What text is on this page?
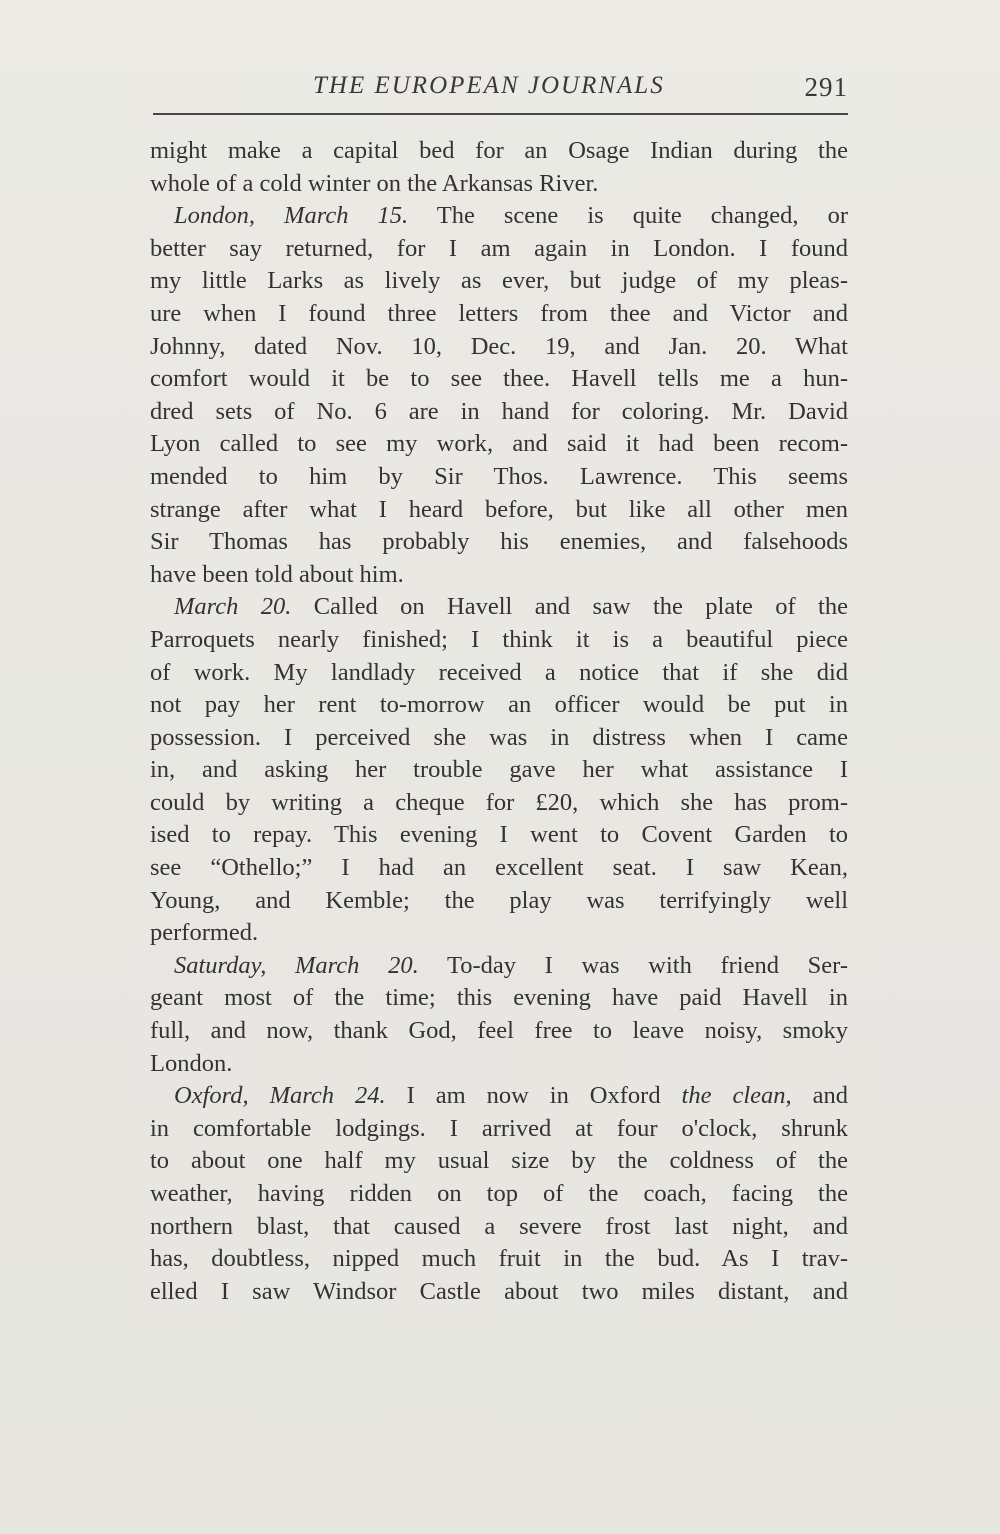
THE EUROPEAN JOURNALS	291
might make a capital bed for an Osage Indian during the
whole of a cold winter on the Arkansas River.
London, March 15. The scene is quite changed, or
better say returned, for I am again in London. I found
my little Larks as lively as ever, but judge of my pleas-
ure when I found three letters from thee and Victor and
Johnny, dated Nov. 10, Dec. 19, and Jan. 20. What
comfort would it be to see thee. Havell tells me a hun-
dred sets of No. 6 are in hand for coloring. Mr. David
Lyon called to see my work, and said it had been recom-
mended to him by Sir Thos. Lawrence. This seems
strange after what I heard before, but like all other men
Sir Thomas has probably his enemies, and falsehoods
have been told about him.
March 20. Called on Havell and saw the plate of the
Parroquets nearly finished; I think it is a beautiful piece
of work. My landlady received a notice that if she did
not pay her rent to-morrow an officer would be put in
possession. I perceived she was in distress when I came
in, and asking her trouble gave her what assistance I
could by writing a cheque for £20, which she has prom-
ised to repay. This evening I went to Covent Garden to
see “Othello;” I had an excellent seat. I saw Kean,
Young, and Kemble; the play was terrifyingly well
performed.
Saturday, March 20. To-day I was with friend Ser-
geant most of the time; this evening have paid Havell in
full, and now, thank God, feel free to leave noisy, smoky
London.
Oxford, March 24. I am now in Oxford the clean, and
in comfortable lodgings. I arrived at four o'clock, shrunk
to about one half my usual size by the coldness of the
weather, having ridden on top of the coach, facing the
northern blast, that caused a severe frost last night, and
has, doubtless, nipped much fruit in the bud. As I trav-
elled I saw Windsor Castle about two miles distant, and
